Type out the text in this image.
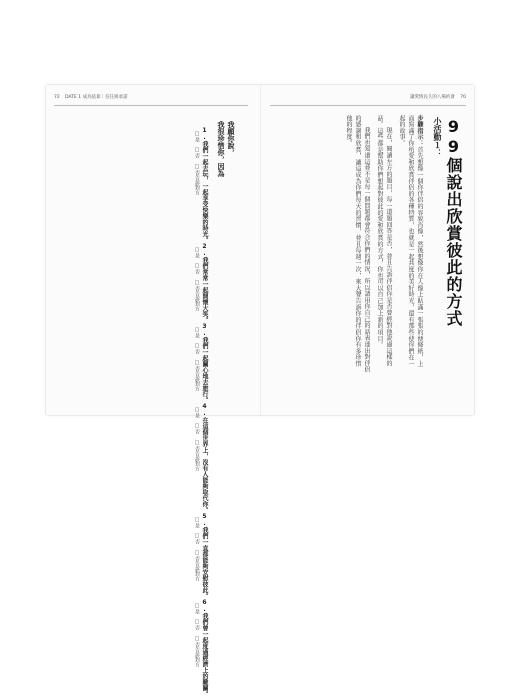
72 DATE 1 成為依靠｜信任與承諾
我願你說，
我很珍惜你，因為
1.我們一起去玩，一起享受快樂的時光。
□是　□否 □否告訴對方
2.我們常常一起開懷大笑。
□是　□否 □否告訴對方
3.我們一起關心地去旅行。
□是　□否 □否告訴對方
4.在這個世界上，沒有人能夠取代你。
□是　□否 □否告訴對方
5.我們一直都能夠安慰彼此。
□是　□否 □否告訴對方
6.我們曾一起度過經濟上的難關。
□是　□否 □否告訴對方
讓愛情長久的八場約會 70
99個說出欣賞彼此的方式
小活動１：

步驟指示：首先想像一個你伴侶的容貌肖像，然後想像你在人像上貼滿一張張的便條紙，上面寫滿了你所愛和欣賞伴侶的各種特質，也就是一起共度的美好時光，還有那些使你們在一起的故事。

現在，閱讀左方的題目，每一道題回答是否，並且告訴伴侶你是否曾經對他說過這樣的話。這些都是幫助你們想起對彼此的愛和欣賞的方式，你也可以自己加上新的項目。

我們也知道這並不是每一個問題都會符合你們的情況，所以請用你自己的話表達出對伴侶的感謝和欣賞，讓這成為你們每天的習慣，並且每週一次，來大聲告訴你的伴侶你有多珍惜他的程度。
